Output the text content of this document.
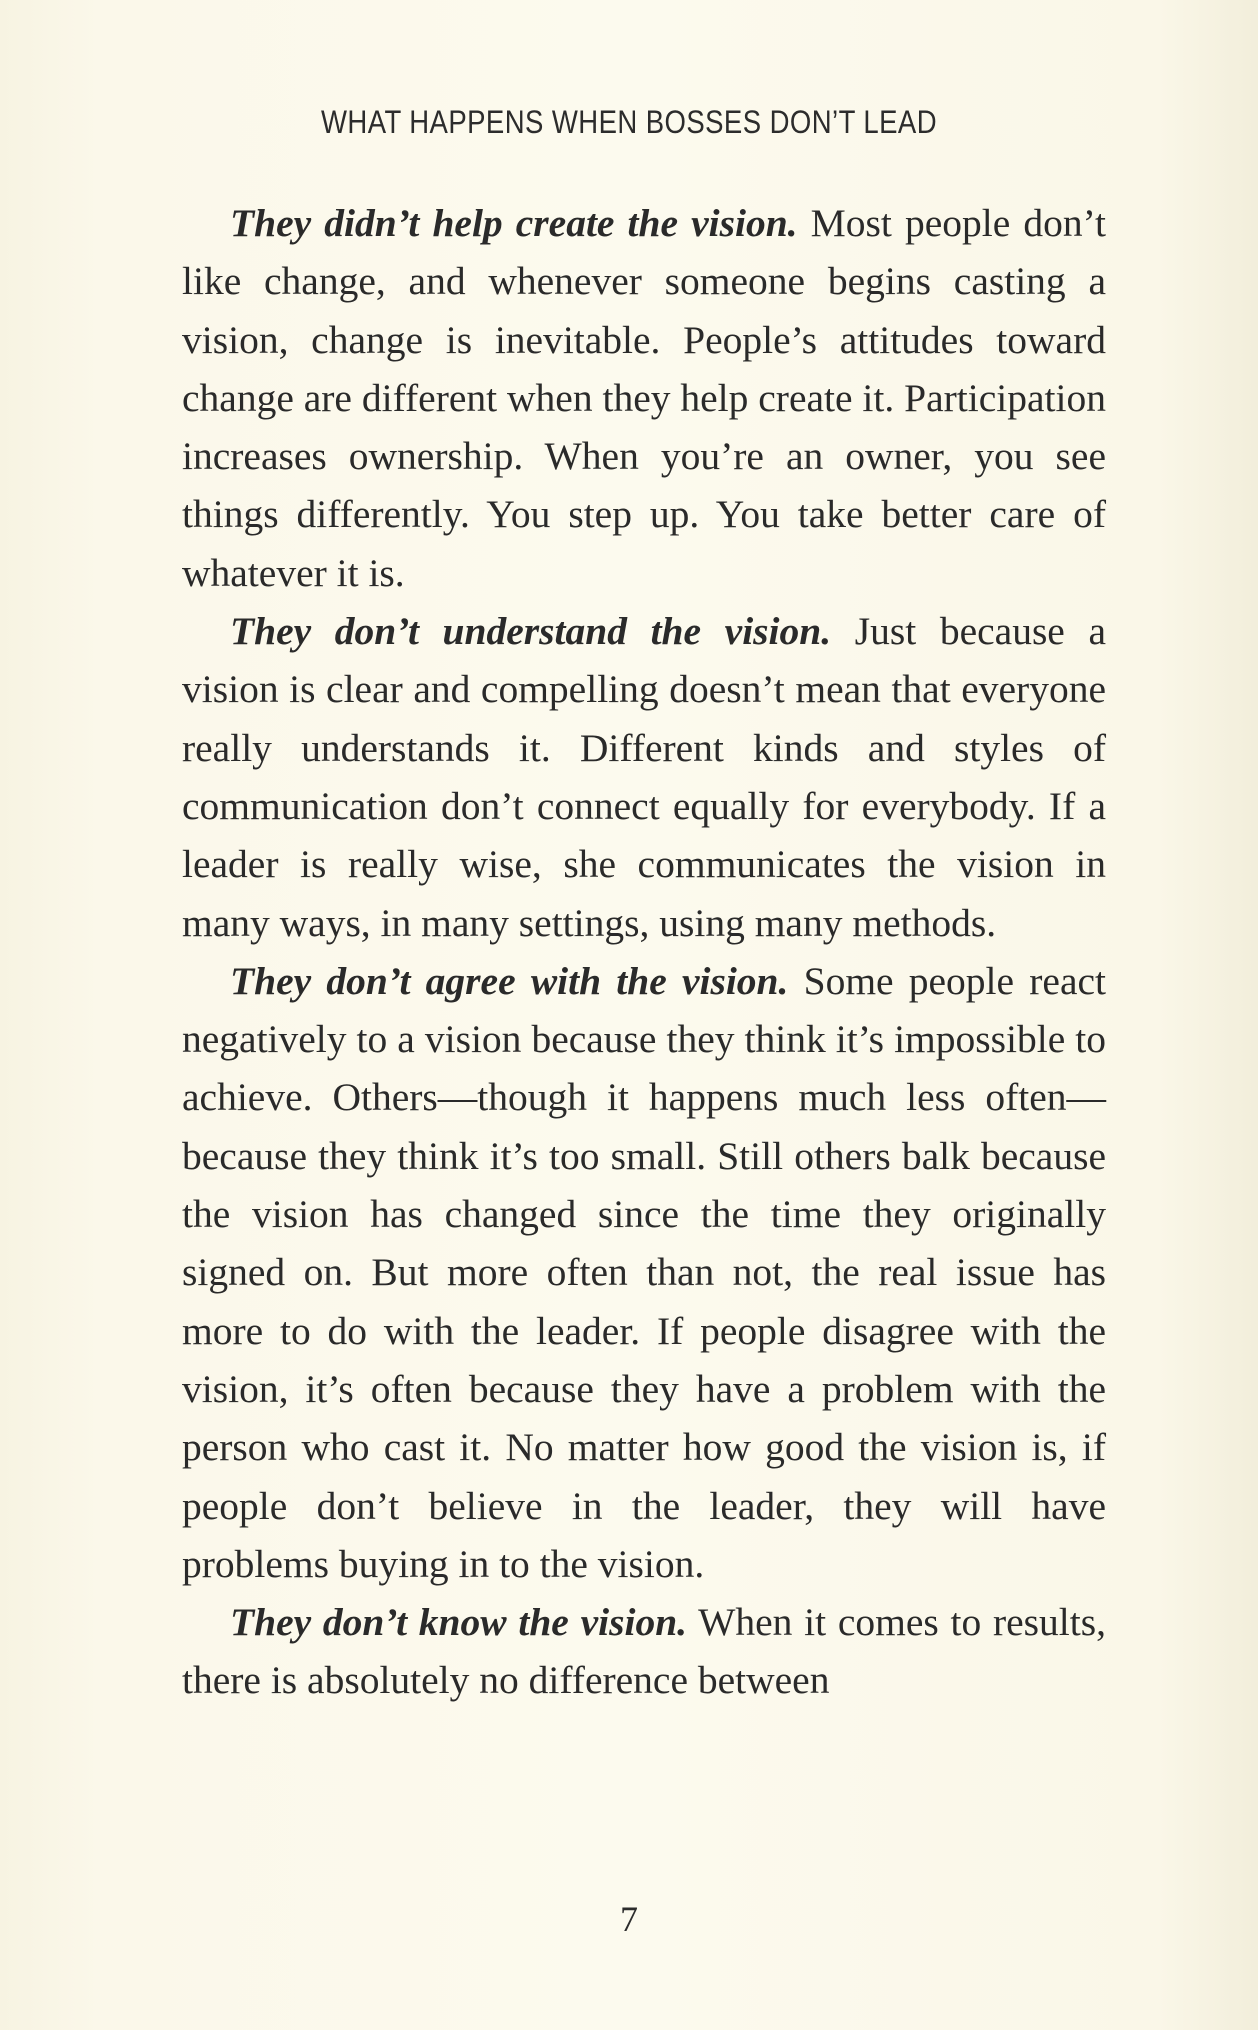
WHAT HAPPENS WHEN BOSSES DON’T LEAD

They didn’t help create the vision. Most people don’t like change, and whenever someone begins casting a vision, change is inevitable. People’s attitudes toward change are different when they help create it. Participation increases ownership. When you’re an owner, you see things differently. You step up. You take better care of whatever it is.

They don’t understand the vision. Just because a vision is clear and compelling doesn’t mean that everyone really understands it. Different kinds and styles of communication don’t connect equally for everybody. If a leader is really wise, she communicates the vision in many ways, in many settings, using many methods.

They don’t agree with the vision. Some people react negatively to a vision because they think it’s impossible to achieve. Others—though it happens much less often—because they think it’s too small. Still others balk because the vision has changed since the time they originally signed on. But more often than not, the real issue has more to do with the leader. If people disagree with the vision, it’s often because they have a problem with the person who cast it. No matter how good the vision is, if people don’t believe in the leader, they will have problems buying in to the vision.

They don’t know the vision. When it comes to results, there is absolutely no difference between

7
